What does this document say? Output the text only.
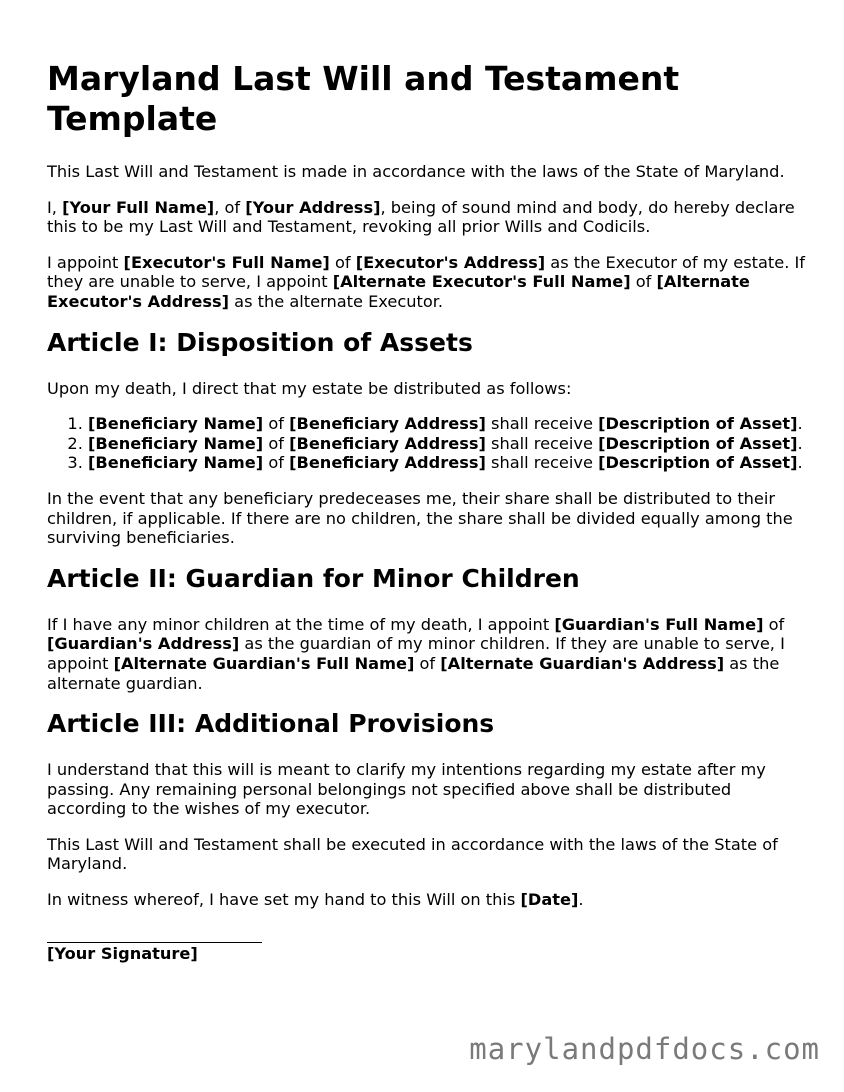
Maryland Last Will and Testament Template

This Last Will and Testament is made in accordance with the laws of the State of Maryland.

I, [Your Full Name], of [Your Address], being of sound mind and body, do hereby declare this to be my Last Will and Testament, revoking all prior Wills and Codicils.

I appoint [Executor's Full Name] of [Executor's Address] as the Executor of my estate. If they are unable to serve, I appoint [Alternate Executor's Full Name] of [Alternate Executor's Address] as the alternate Executor.

Article I: Disposition of Assets

Upon my death, I direct that my estate be distributed as follows:

1. [Beneficiary Name] of [Beneficiary Address] shall receive [Description of Asset].
2. [Beneficiary Name] of [Beneficiary Address] shall receive [Description of Asset].
3. [Beneficiary Name] of [Beneficiary Address] shall receive [Description of Asset].

In the event that any beneficiary predeceases me, their share shall be distributed to their children, if applicable. If there are no children, the share shall be divided equally among the surviving beneficiaries.

Article II: Guardian for Minor Children

If I have any minor children at the time of my death, I appoint [Guardian's Full Name] of [Guardian's Address] as the guardian of my minor children. If they are unable to serve, I appoint [Alternate Guardian's Full Name] of [Alternate Guardian's Address] as the alternate guardian.

Article III: Additional Provisions

I understand that this will is meant to clarify my intentions regarding my estate after my passing. Any remaining personal belongings not specified above shall be distributed according to the wishes of my executor.

This Last Will and Testament shall be executed in accordance with the laws of the State of Maryland.

In witness whereof, I have set my hand to this Will on this [Date].

[Your Signature]
marylandpdfdocs.com
